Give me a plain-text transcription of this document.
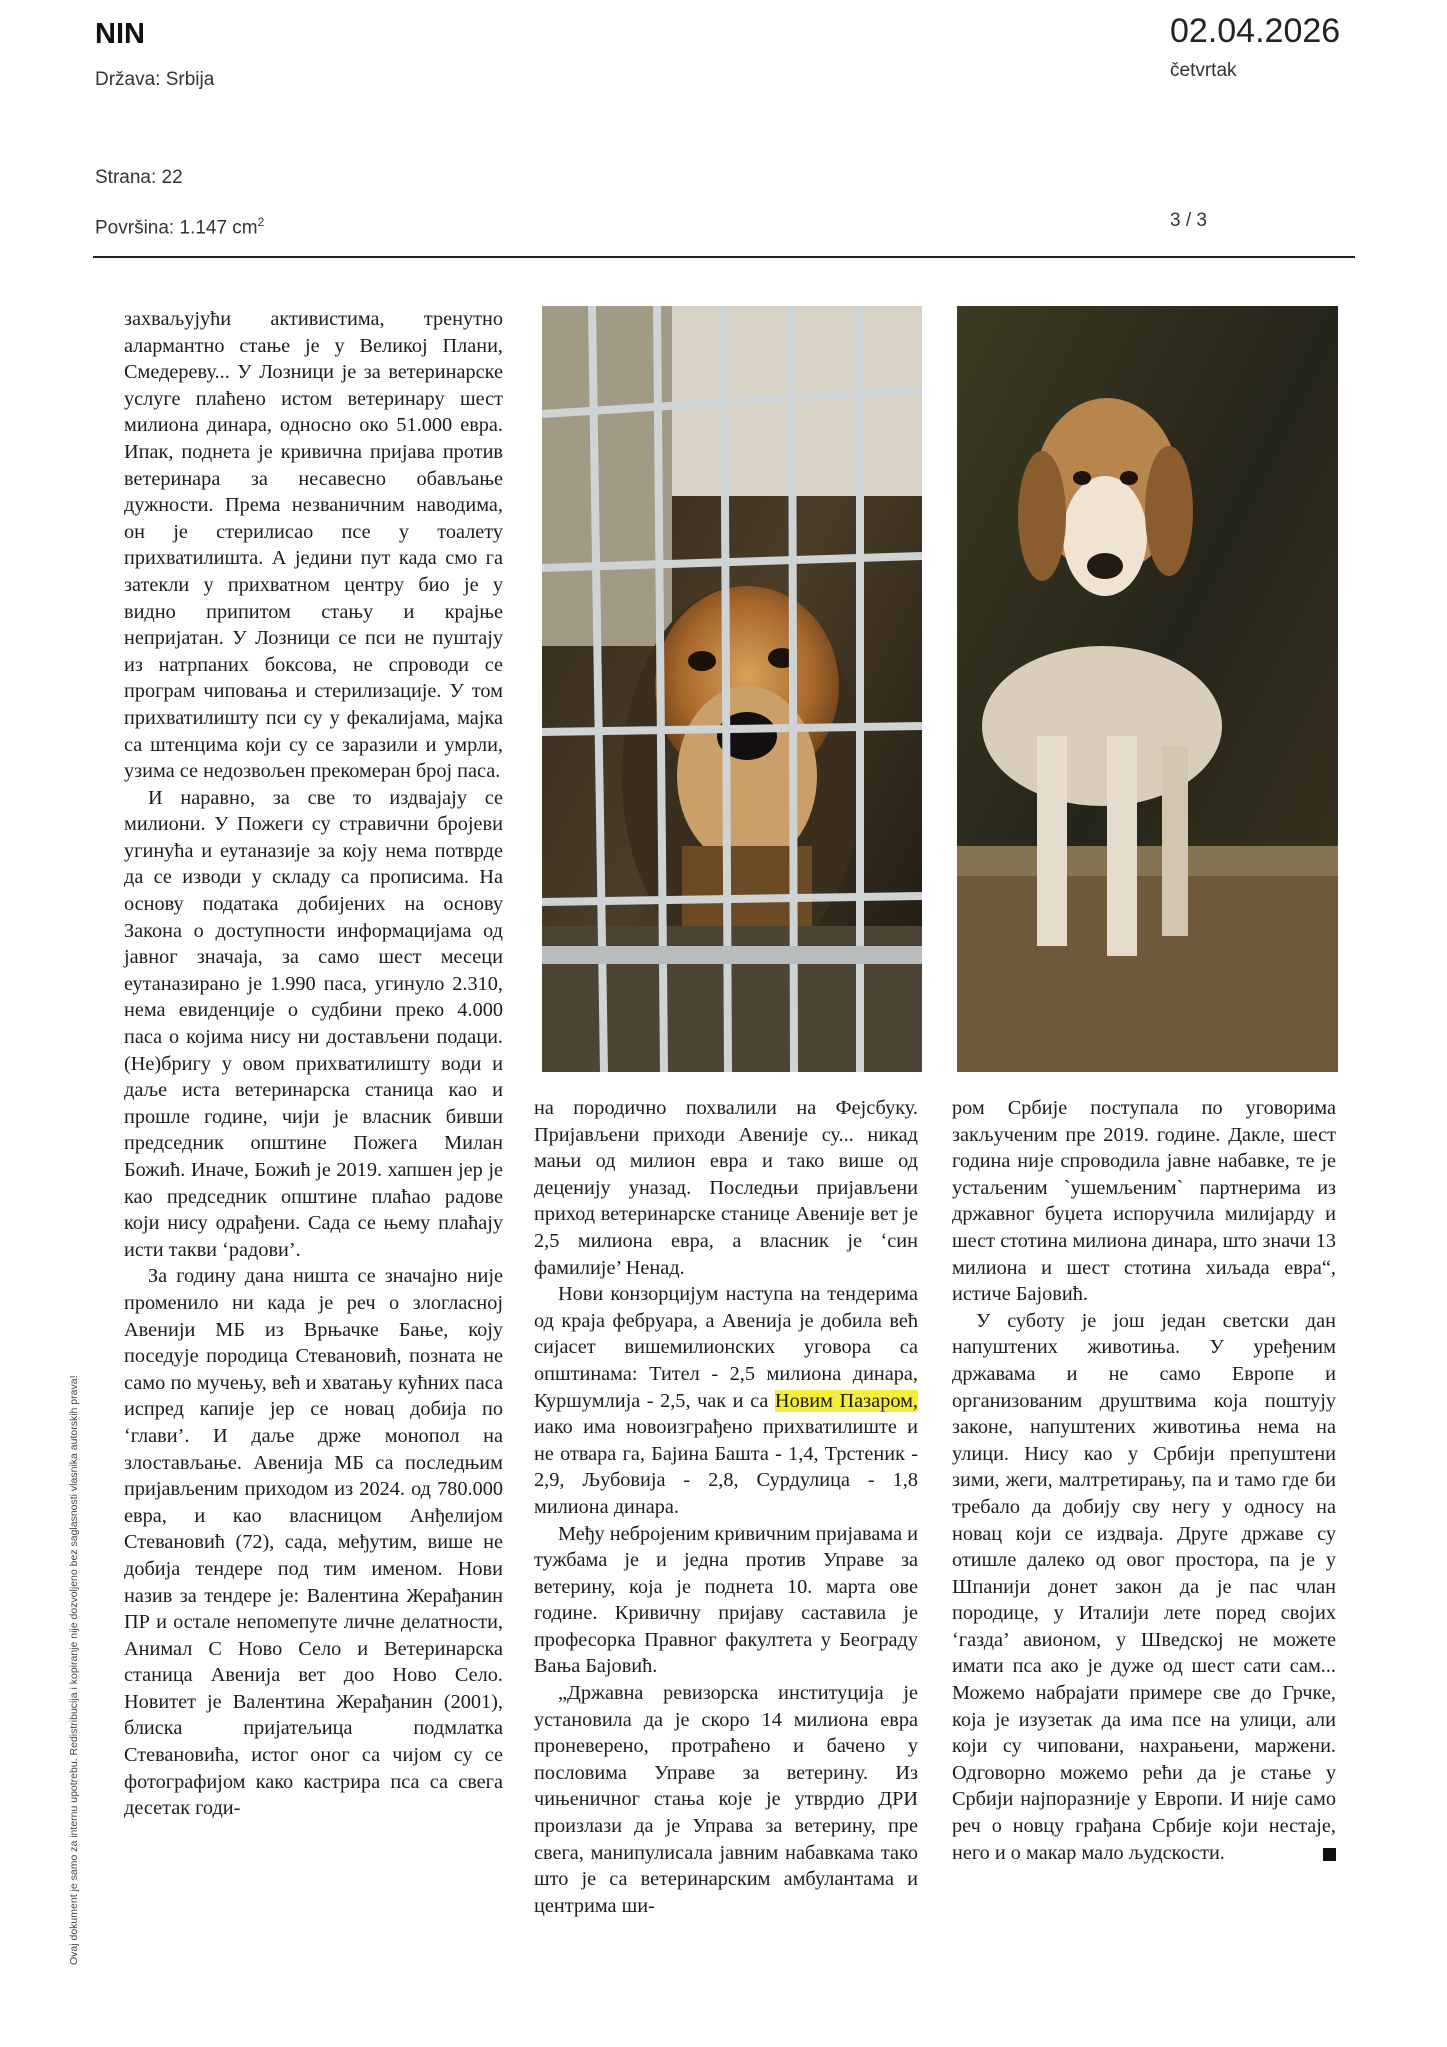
NIN
Država: Srbija
Strana: 22
Površina: 1.147 $cm^2$
02.04.2026
četvrtak
3 / 3

захваљујући активистима, тренутно алармантно стање је у Великој Плани, Смедереву... У Лозници је за ветеринарске услуге плаћено истом ветеринару шест милиона динара, односно око 51.000 евра. Ипак, поднета је кривична пријава против ветеринара за несавесно обављање дужности. Према незваничним наводима, он је стерилисао псе у тоалету прихватилишта. А једини пут када смо га затекли у прихватном центру био је у видно припитом стању и крајње непријатан. У Лозници се пси не пуштају из натрпаних боксова, не спроводи се програм чиповања и стерилизације. У том прихватилишту пси су у фекалијама, мајка са штенцима који су се заразили и умрли, узима се недозвољен прекомеран број паса.

И наравно, за све то издвајају се милиони. У Пожеги су стравични бројеви угинућа и еутаназије за коју нема потврде да се изводи у складу са прописима. На основу података добијених на основу Закона о доступности информацијама од јавног значаја, за само шест месеци еутаназирано је 1.990 паса, угинуло 2.310, нема евиденције о судбини преко 4.000 паса о којима нису ни достављени подаци. (Не)бригу у овом прихватилишту води и даље иста ветеринарска станица као и прошле године, чији је власник бивши председник општине Пожега Милан Божић. Иначе, Божић је 2019. хапшен јер је као председник општине плаћао радове који нису одрађени. Сада се њему плаћају исти такви ‘радови’.

За годину дана ништа се значајно није променило ни када је реч о злогласној Авенији МБ из Врњачке Бање, коју поседује породица Стевановић, позната не само по мучењу, већ и хватању кућних паса испред капије јер се новац добија по ‘глави’. И даље држе монопол на злостављање. Авенија МБ са последњим пријављеним приходом из 2024. од 780.000 евра, и као власницом Анђелијом Стевановић (72), сада, међутим, више не добија тендере под тим именом. Нови назив за тендере је: Валентина Жерађанин ПР и остале непомепуте личне делатности, Анимал С Ново Село и Ветеринарска станица Авенија вет доо Ново Село. Новитет је Валентина Жерађанин (2001), блиска пријатељица подмлатка Стевановића, истог оног са чијом су се фотографијом како кастрира пса са свега десетак годи-

на породично похвалили на Фејсбуку. Пријављени приходи Авеније су... никад мањи од милион евра и тако више од деценију уназад. Последњи пријављени приход ветеринарске станице Авеније вет је 2,5 милиона евра, а власник је ‘син фамилије’ Ненад.

Нови конзорцијум наступа на тендерима од краја фебруара, а Авенија је добила већ сијасет вишемилионских уговора са општинама: Тител - 2,5 милиона динара, Куршумлија - 2,5, чак и са Новим Пазаром, иако има новоизграђено прихватилиште и не отвара га, Бајина Башта - 1,4, Трстеник - 2,9, Љубовија - 2,8, Сурдулица - 1,8 милиона динара.

Међу небројеним кривичним пријавама и тужбама је и једна против Управе за ветерину, која је поднета 10. марта ове године. Кривичну пријаву саставила је професорка Правног факултета у Београду Вања Бајовић.

„Државна ревизорска институција је установила да је скоро 14 милиона евра проневерено, протраћено и бачено у пословима Управе за ветерину. Из чињеничног стања које је утврдио ДРИ произлази да је Управа за ветерину, пре свега, манипулисала јавним набавкама тако што је са ветеринарским амбулантама и центрима ши-

ром Србије поступала по уговорима закљученим пре 2019. године. Дакле, шест година није спроводила јавне набавке, те је устаљеним `ушемљеним` партнерима из државног буџета испоручила милијарду и шест стотина милиона динара, што значи 13 милиона и шест стотина хиљада евра“, истиче Бајовић.

У суботу је још један светски дан напуштених животиња. У уређеним државама и не само Европе и организованим друштвима која поштују законе, напуштених животиња нема на улици. Нису као у Србији препуштени зими, жеги, малтретирању, па и тамо где би требало да добију сву негу у односу на новац који се издваја. Друге државе су отишле далеко од овог простора, па је у Шпанији донет закон да је пас члан породице, у Италији лете поред својих ‘газда’ авионом, у Шведској не можете имати пса ако је дуже од шест сати сам... Можемо набрајати примере све до Грчке, која је изузетак да има псе на улици, али који су чиповани, нахрањени, маржени. Одговорно можемо рећи да је стање у Србији најпоразније у Европи. И није само реч о новцу грађана Србије који нестаје, него и о макар мало људскости.

Ovaj dokument je samo za internu upotrebu. Redistribucija i kopiranje nije dozvoljeno bez saglasnosti vlasnika autorskih prava!
